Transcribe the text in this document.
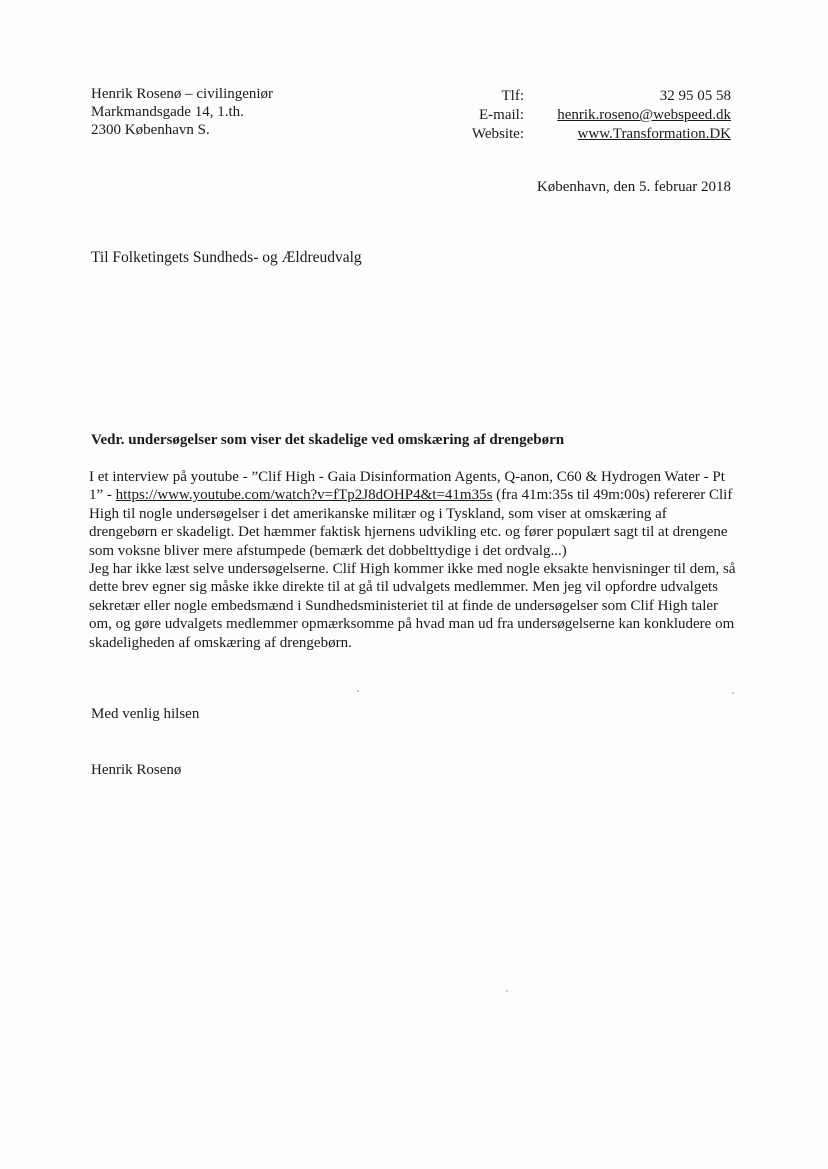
Henrik Rosenø – civilingeniør
Markmandsgade 14, 1.th.
2300 København S.
Tlf:
E-mail:
Website:
32 95 05 58
henrik.roseno@webspeed.dk
www.Transformation.DK
København, den 5. februar 2018
Til Folketingets Sundheds- og Ældreudvalg
Vedr. undersøgelser som viser det skadelige ved omskæring af drengebørn
I et interview på youtube - ”Clif High - Gaia Disinformation Agents, Q-anon, C60 & Hydrogen Water - Pt 1” - https://www.youtube.com/watch?v=fTp2J8dOHP4&t=41m35s (fra 41m:35s til 49m:00s) refererer Clif High til nogle undersøgelser i det amerikanske militær og i Tyskland, som viser at omskæring af drengebørn er skadeligt. Det hæmmer faktisk hjernens udvikling etc. og fører populært sagt til at drengene som voksne bliver mere afstumpede (bemærk det dobbelttydige i det ordvalg...)
Jeg har ikke læst selve undersøgelserne. Clif High kommer ikke med nogle eksakte henvisninger til dem, så dette brev egner sig måske ikke direkte til at gå til udvalgets medlemmer. Men jeg vil opfordre udvalgets sekretær eller nogle embedsmænd i Sundhedsministeriet til at finde de undersøgelser som Clif High taler om, og gøre udvalgets medlemmer opmærksomme på hvad man ud fra undersøgelserne kan konkludere om skadeligheden af omskæring af drengebørn.
Med venlig hilsen
Henrik Rosenø
